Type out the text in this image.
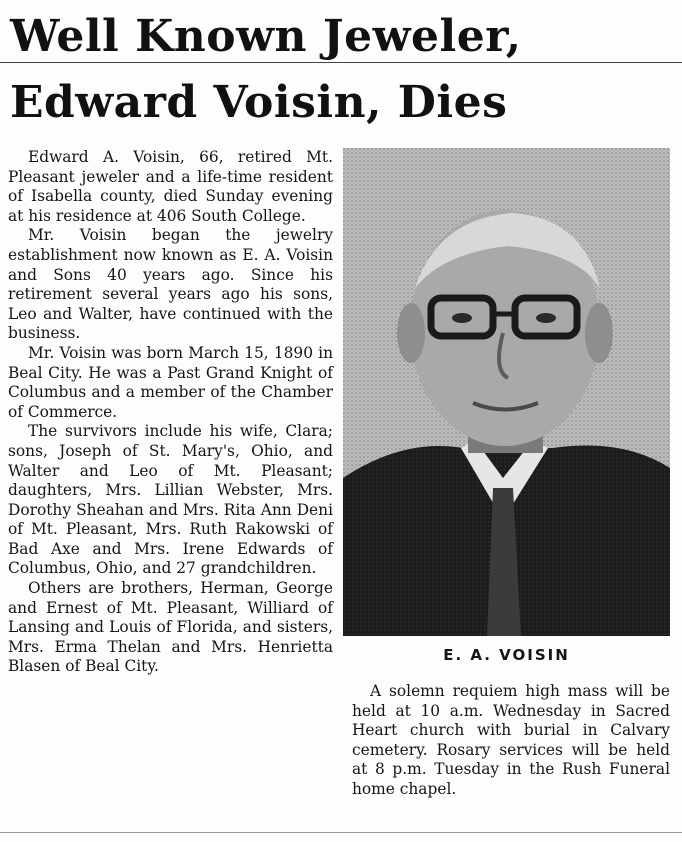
Well Known Jeweler,
Edward Voisin, Dies

Edward A. Voisin, 66, retired Mt. Pleasant jeweler and a life-time resident of Isabella county, died Sunday evening at his residence at 406 South College.

Mr. Voisin began the jewelry establishment now known as E. A. Voisin and Sons 40 years ago. Since his retirement several years ago his sons, Leo and Walter, have continued with the business.

Mr. Voisin was born March 15, 1890 in Beal City. He was a Past Grand Knight of Columbus and a member of the Chamber of Commerce.

The survivors include his wife, Clara; sons, Joseph of St. Mary's, Ohio, and Walter and Leo of Mt. Pleasant; daughters, Mrs. Lillian Webster, Mrs. Dorothy Sheahan and Mrs. Rita Ann Deni of Mt. Pleasant, Mrs. Ruth Rakowski of Bad Axe and Mrs. Irene Edwards of Columbus, Ohio, and 27 grandchildren.

Others are brothers, Herman, George and Ernest of Mt. Pleasant, Williard of Lansing and Louis of Florida, and sisters, Mrs. Erma Thelan and Mrs. Henrietta Blasen of Beal City.

E. A. VOISIN

A solemn requiem high mass will be held at 10 a.m. Wednesday in Sacred Heart church with burial in Calvary cemetery. Rosary services will be held at 8 p.m. Tuesday in the Rush Funeral home chapel.
